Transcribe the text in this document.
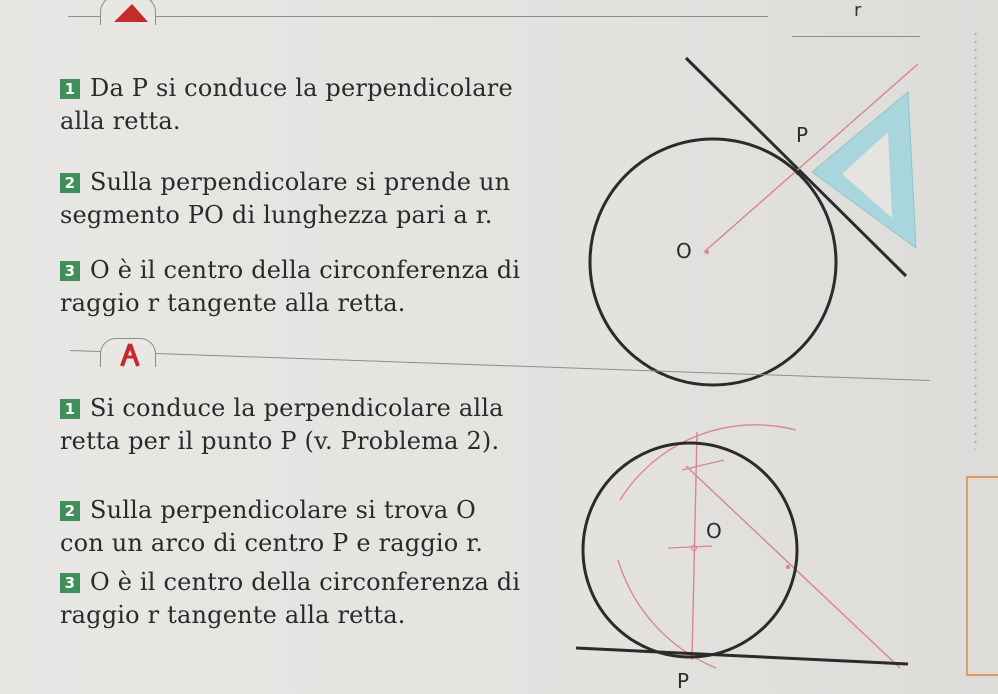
r
1 Da P si conduce la perpendicolare
alla retta.
2 Sulla perpendicolare si prende un
segmento PO di lunghezza pari a r.
3 O è il centro della circonferenza di
raggio r tangente alla retta.
P
O
1 Si conduce la perpendicolare alla
retta per il punto P (v. Problema 2).
2 Sulla perpendicolare si trova O
con un arco di centro P e raggio r.
3 O è il centro della circonferenza di
raggio r tangente alla retta.
O
P
